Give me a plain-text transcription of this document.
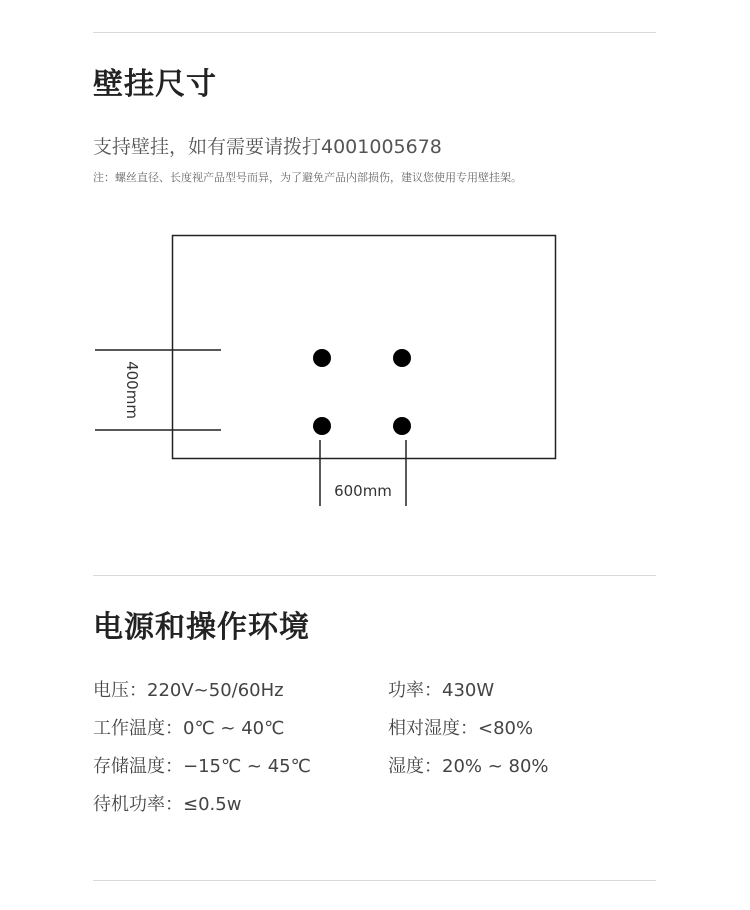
壁挂尺寸
支持壁挂，如有需要请拨打4001005678
注：螺丝直径、长度视产品型号而异，为了避免产品内部损伤，建议您使用专用壁挂架。
400mm
600mm
电源和操作环境
电压：220V~50/60Hz	功率：430W
工作温度：0℃ ~ 40℃	相对湿度：<80%
存储温度：−15℃ ~ 45℃	湿度：20% ~ 80%
待机功率：≤0.5w
